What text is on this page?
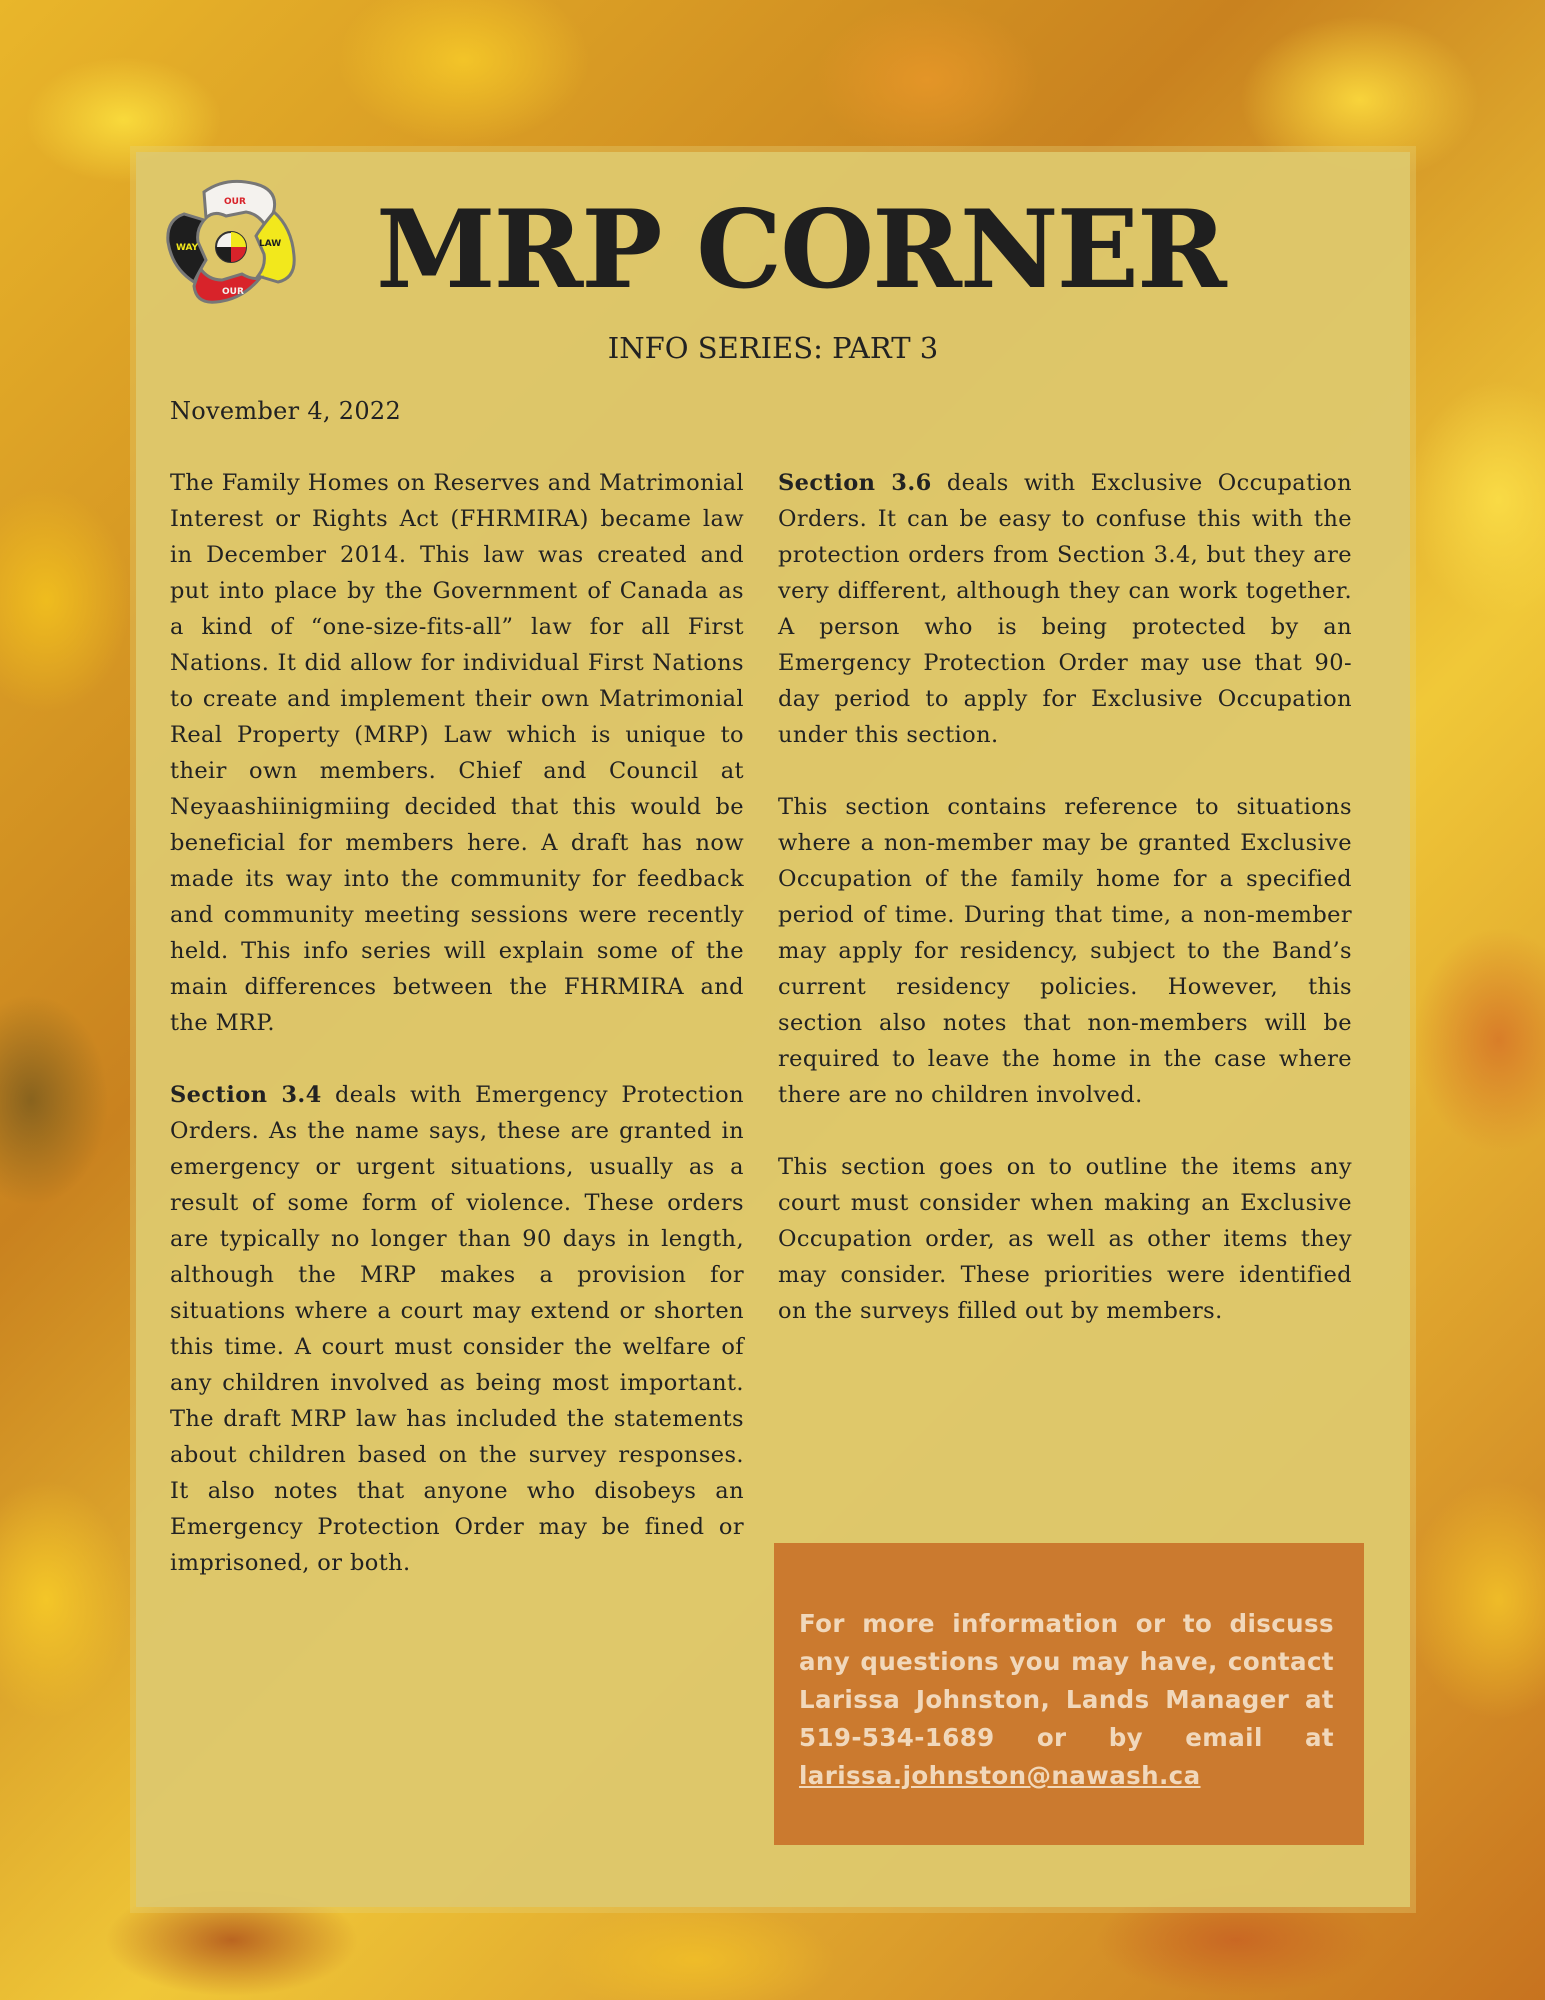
OUR
WAY	LAW
OUR MRP CORNER
INFO SERIES: PART 3
November 4, 2022

The Family Homes on Reserves and Matrimonial Interest or Rights Act (FHRMIRA) became law in December 2014. This law was created and put into place by the Government of Canada as a kind of “one-size-fits-all” law for all First Nations. It did allow for individual First Nations to create and implement their own Matrimonial Real Property (MRP) Law which is unique to their own members. Chief and Council at Neyaashiinigmiing decided that this would be beneficial for members here. A draft has now made its way into the community for feedback and community meeting sessions were recently held. This info series will explain some of the main differences between the FHRMIRA and the MRP.

Section 3.4 deals with Emergency Protection Orders. As the name says, these are granted in emergency or urgent situations, usually as a result of some form of violence. These orders are typically no longer than 90 days in length, although the MRP makes a provision for situations where a court may extend or shorten this time. A court must consider the welfare of any children involved as being most important. The draft MRP law has included the statements about children based on the survey responses. It also notes that anyone who disobeys an Emergency Protection Order may be fined or imprisoned, or both.

Section 3.6 deals with Exclusive Occupation Orders. It can be easy to confuse this with the protection orders from Section 3.4, but they are very different, although they can work together. A person who is being protected by an Emergency Protection Order may use that 90-day period to apply for Exclusive Occupation under this section.

This section contains reference to situations where a non-member may be granted Exclusive Occupation of the family home for a specified period of time. During that time, a non-member may apply for residency, subject to the Band’s current residency policies. However, this section also notes that non-members will be required to leave the home in the case where there are no children involved.

This section goes on to outline the items any court must consider when making an Exclusive Occupation order, as well as other items they may consider. These priorities were identified on the surveys filled out by members.

For more information or to discuss any questions you may have, contact Larissa Johnston, Lands Manager at 519-534-1689 or by email at larissa.johnston@nawash.ca
